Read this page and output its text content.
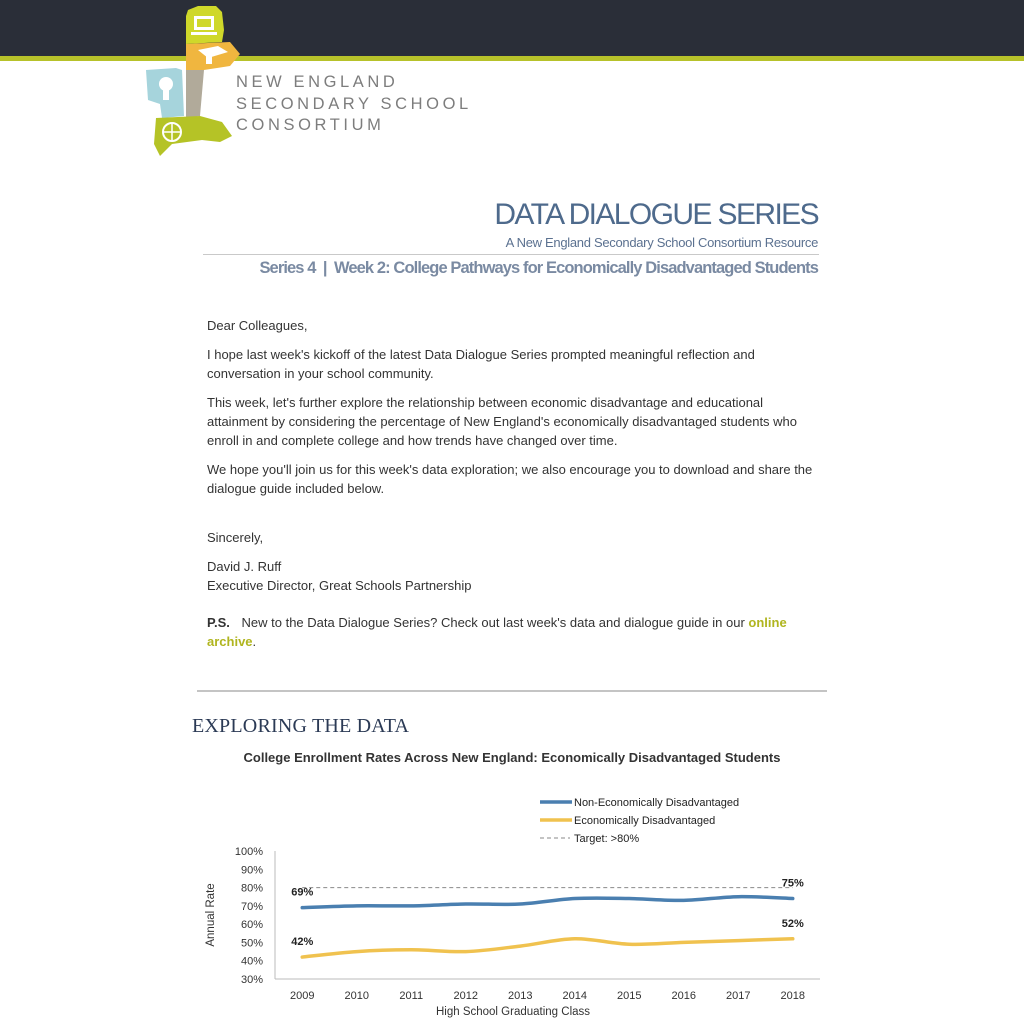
NEW ENGLAND
SECONDARY SCHOOL
CONSORTIUM
DATA DIALOGUE SERIES
A New England Secondary School Consortium Resource
Series 4  |  Week 2: College Pathways for Economically Disadvantaged Students

Dear Colleagues,

I hope last week's kickoff of the latest Data Dialogue Series prompted meaningful reflection and conversation in your school community.

This week, let's further explore the relationship between economic disadvantage and educational attainment by considering the percentage of New England's economically disadvantaged students who enroll in and complete college and how trends have changed over time.

We hope you'll join us for this week's data exploration; we also encourage you to download and share the dialogue guide included below.

Sincerely,

David J. Ruff

Executive Director, Great Schools Partnership

P.S. New to the Data Dialogue Series? Check out last week's data and dialogue guide in our online archive.

EXPLORING THE DATA
College Enrollment Rates Across New England: Economically Disadvantaged Students
Non-Economically Disadvantaged
Economically Disadvantaged
Target: >80%
30%
40%
50%
60%
70%
80%
90%
100%
2009	2010	2011	2012	2013	2014	2015	2016	2017	2018
69%
75%
42%
52%
High School Graduating Class
Annual Rate
